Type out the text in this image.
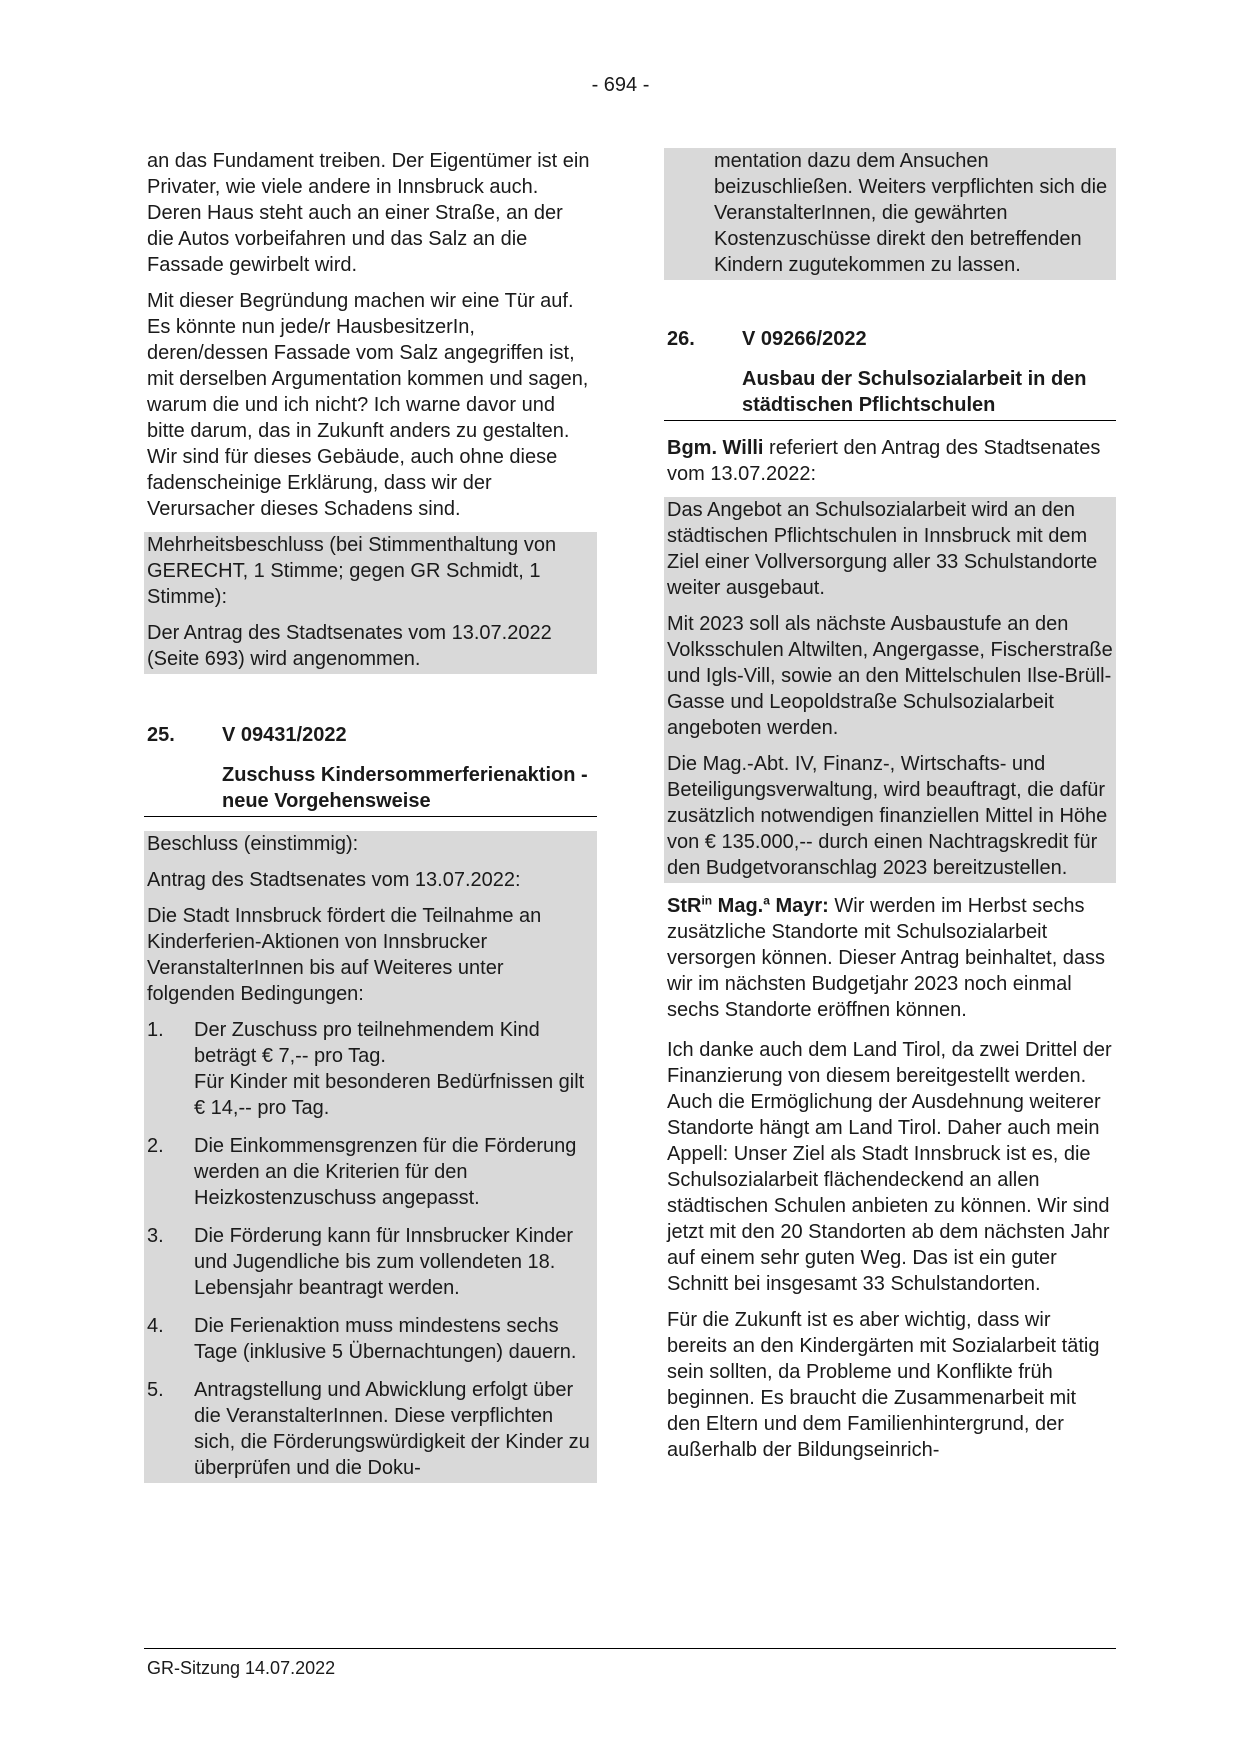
- 694 -

an das Fundament treiben. Der Eigentümer ist ein Privater, wie viele andere in Innsbruck auch. Deren Haus steht auch an einer Straße, an der die Autos vorbeifahren und das Salz an die Fassade gewirbelt wird.

Mit dieser Begründung machen wir eine Tür auf. Es könnte nun jede/r HausbesitzerIn, deren/dessen Fassade vom Salz angegriffen ist, mit derselben Argumentation kommen und sagen, warum die und ich nicht? Ich warne davor und bitte darum, das in Zukunft anders zu gestalten. Wir sind für dieses Gebäude, auch ohne diese fadenscheinige Erklärung, dass wir der Verursacher dieses Schadens sind.

Mehrheitsbeschluss (bei Stimmenthaltung von GERECHT, 1 Stimme; gegen GR Schmidt, 1 Stimme):

Der Antrag des Stadtsenates vom 13.07.2022 (Seite 693) wird angenommen.

25.	V 09431/2022
Zuschuss Kindersommerferienaktion - neue Vorgehensweise

Beschluss (einstimmig):

Antrag des Stadtsenates vom 13.07.2022:

Die Stadt Innsbruck fördert die Teilnahme an Kinderferien-Aktionen von Innsbrucker VeranstalterInnen bis auf Weiteres unter folgenden Bedingungen:

1.	Der Zuschuss pro teilnehmendem Kind beträgt € 7,-- pro Tag.
Für Kinder mit besonderen Bedürfnissen gilt € 14,-- pro Tag.
2.	Die Einkommensgrenzen für die Förderung werden an die Kriterien für den Heizkostenzuschuss angepasst.
3.	Die Förderung kann für Innsbrucker Kinder und Jugendliche bis zum vollendeten 18. Lebensjahr beantragt werden.
4.	Die Ferienaktion muss mindestens sechs Tage (inklusive 5 Übernachtungen) dauern.
5.	Antragstellung und Abwicklung erfolgt über die VeranstalterInnen. Diese verpflichten sich, die Förderungswürdigkeit der Kinder zu überprüfen und die Doku-

mentation dazu dem Ansuchen beizuschließen. Weiters verpflichten sich die VeranstalterInnen, die gewährten Kostenzuschüsse direkt den betreffenden Kindern zugutekommen zu lassen.

26.	V 09266/2022
Ausbau der Schulsozialarbeit in den städtischen Pflichtschulen

Bgm. Willi referiert den Antrag des Stadtsenates vom 13.07.2022:

Das Angebot an Schulsozialarbeit wird an den städtischen Pflichtschulen in Innsbruck mit dem Ziel einer Vollversorgung aller 33 Schulstandorte weiter ausgebaut.

Mit 2023 soll als nächste Ausbaustufe an den Volksschulen Altwilten, Angergasse, Fischerstraße und Igls-Vill, sowie an den Mittelschulen Ilse-Brüll-Gasse und Leopoldstraße Schulsozialarbeit angeboten werden.

Die Mag.-Abt. IV, Finanz-, Wirtschafts- und Beteiligungsverwaltung, wird beauftragt, die dafür zusätzlich notwendigen finanziellen Mittel in Höhe von € 135.000,-- durch einen Nachtragskredit für den Budgetvoranschlag 2023 bereitzustellen.

StR$^{in}$ Mag.$^a$ Mayr: Wir werden im Herbst sechs zusätzliche Standorte mit Schulsozialarbeit versorgen können. Dieser Antrag beinhaltet, dass wir im nächsten Budgetjahr 2023 noch einmal sechs Standorte eröffnen können.

Ich danke auch dem Land Tirol, da zwei Drittel der Finanzierung von diesem bereitgestellt werden. Auch die Ermöglichung der Ausdehnung weiterer Standorte hängt am Land Tirol. Daher auch mein Appell: Unser Ziel als Stadt Innsbruck ist es, die Schulsozialarbeit flächendeckend an allen städtischen Schulen anbieten zu können. Wir sind jetzt mit den 20 Standorten ab dem nächsten Jahr auf einem sehr guten Weg. Das ist ein guter Schnitt bei insgesamt 33 Schulstandorten.

Für die Zukunft ist es aber wichtig, dass wir bereits an den Kindergärten mit Sozialarbeit tätig sein sollten, da Probleme und Konflikte früh beginnen. Es braucht die Zusammenarbeit mit den Eltern und dem Familienhintergrund, der außerhalb der Bildungseinrich-

GR-Sitzung 14.07.2022
